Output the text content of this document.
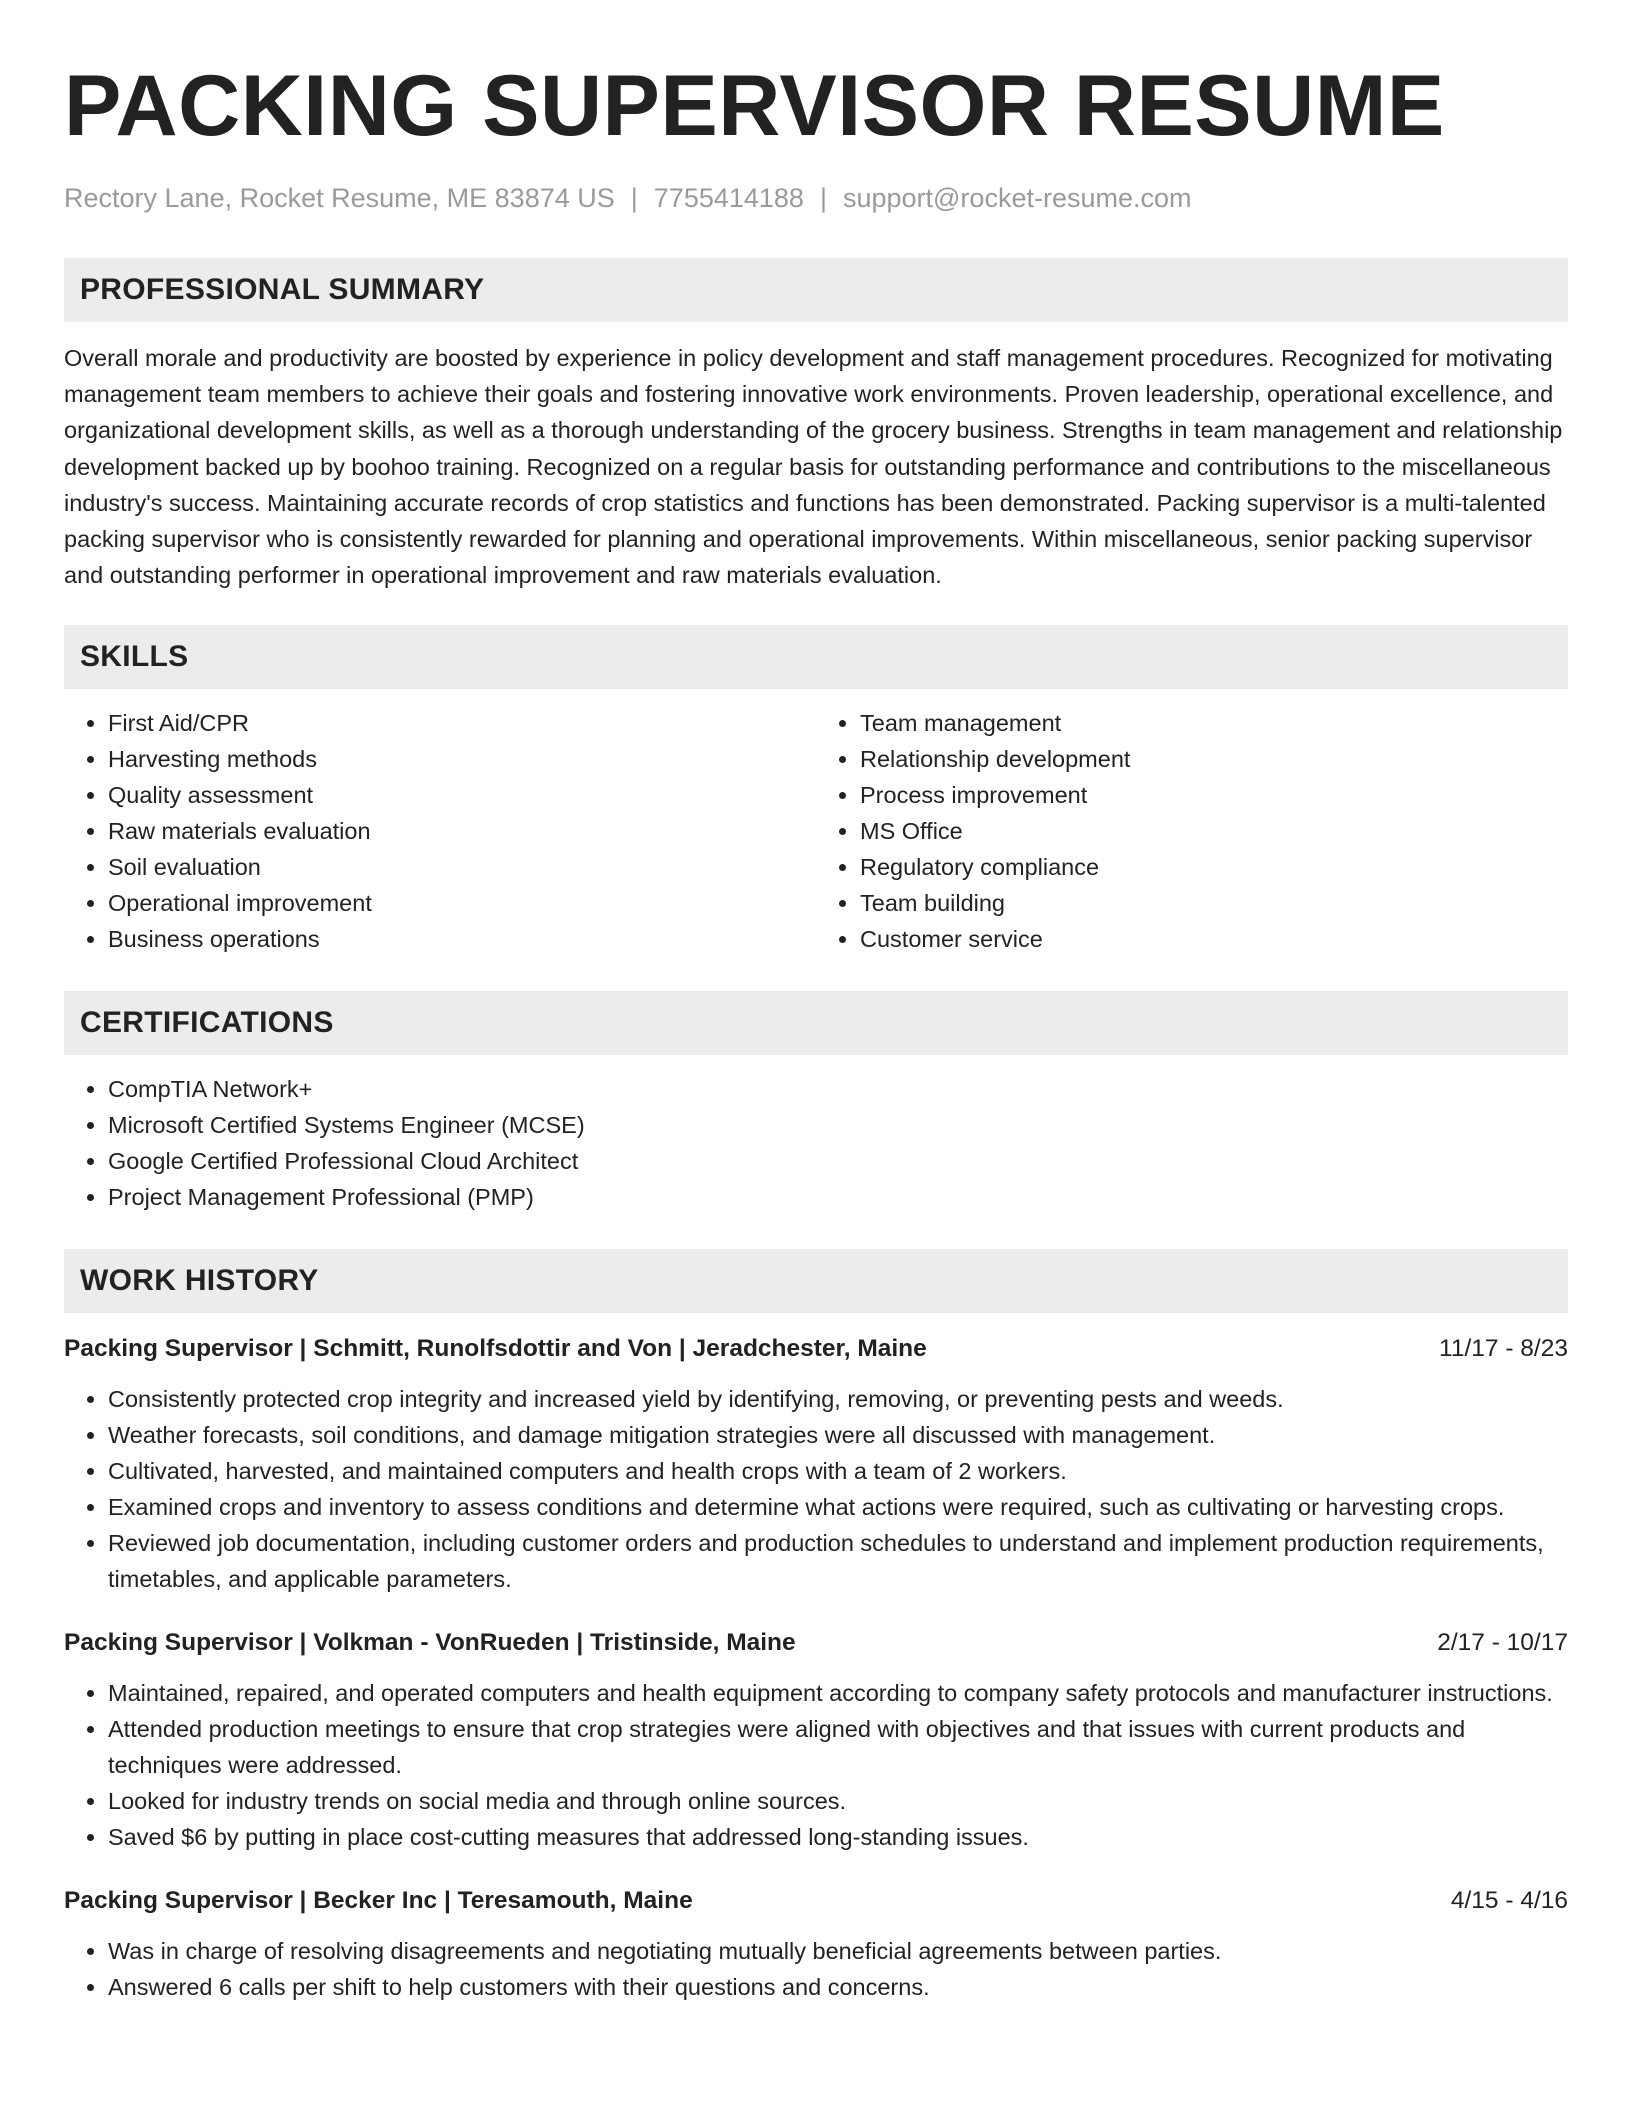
PACKING SUPERVISOR RESUME
Rectory Lane, Rocket Resume, ME 83874 US | 7755414188 | support@rocket-resume.com
PROFESSIONAL SUMMARY

Overall morale and productivity are boosted by experience in policy development and staff management procedures. Recognized for motivating management team members to achieve their goals and fostering innovative work environments. Proven leadership, operational excellence, and organizational development skills, as well as a thorough understanding of the grocery business. Strengths in team management and relationship development backed up by boohoo training. Recognized on a regular basis for outstanding performance and contributions to the miscellaneous industry's success. Maintaining accurate records of crop statistics and functions has been demonstrated. Packing supervisor is a multi-talented packing supervisor who is consistently rewarded for planning and operational improvements. Within miscellaneous, senior packing supervisor and outstanding performer in operational improvement and raw materials evaluation.

SKILLS
• First Aid/CPR
• Harvesting methods
• Quality assessment
• Raw materials evaluation
• Soil evaluation
• Operational improvement
• Business operations
• Team management
• Relationship development
• Process improvement
• MS Office
• Regulatory compliance
• Team building
• Customer service
CERTIFICATIONS
• CompTIA Network+
• Microsoft Certified Systems Engineer (MCSE)
• Google Certified Professional Cloud Architect
• Project Management Professional (PMP)
WORK HISTORY
Packing Supervisor | Schmitt, Runolfsdottir and Von | Jeradchester, Maine	11/17 - 8/23
• Consistently protected crop integrity and increased yield by identifying, removing, or preventing pests and weeds.
• Weather forecasts, soil conditions, and damage mitigation strategies were all discussed with management.
• Cultivated, harvested, and maintained computers and health crops with a team of 2 workers.
• Examined crops and inventory to assess conditions and determine what actions were required, such as cultivating or harvesting crops.
• Reviewed job documentation, including customer orders and production schedules to understand and implement production requirements, timetables, and applicable parameters.
Packing Supervisor | Volkman - VonRueden | Tristinside, Maine	2/17 - 10/17
• Maintained, repaired, and operated computers and health equipment according to company safety protocols and manufacturer instructions.
• Attended production meetings to ensure that crop strategies were aligned with objectives and that issues with current products and techniques were addressed.
• Looked for industry trends on social media and through online sources.
• Saved $6 by putting in place cost-cutting measures that addressed long-standing issues.
Packing Supervisor | Becker Inc | Teresamouth, Maine	4/15 - 4/16
• Was in charge of resolving disagreements and negotiating mutually beneficial agreements between parties.
• Answered 6 calls per shift to help customers with their questions and concerns.
